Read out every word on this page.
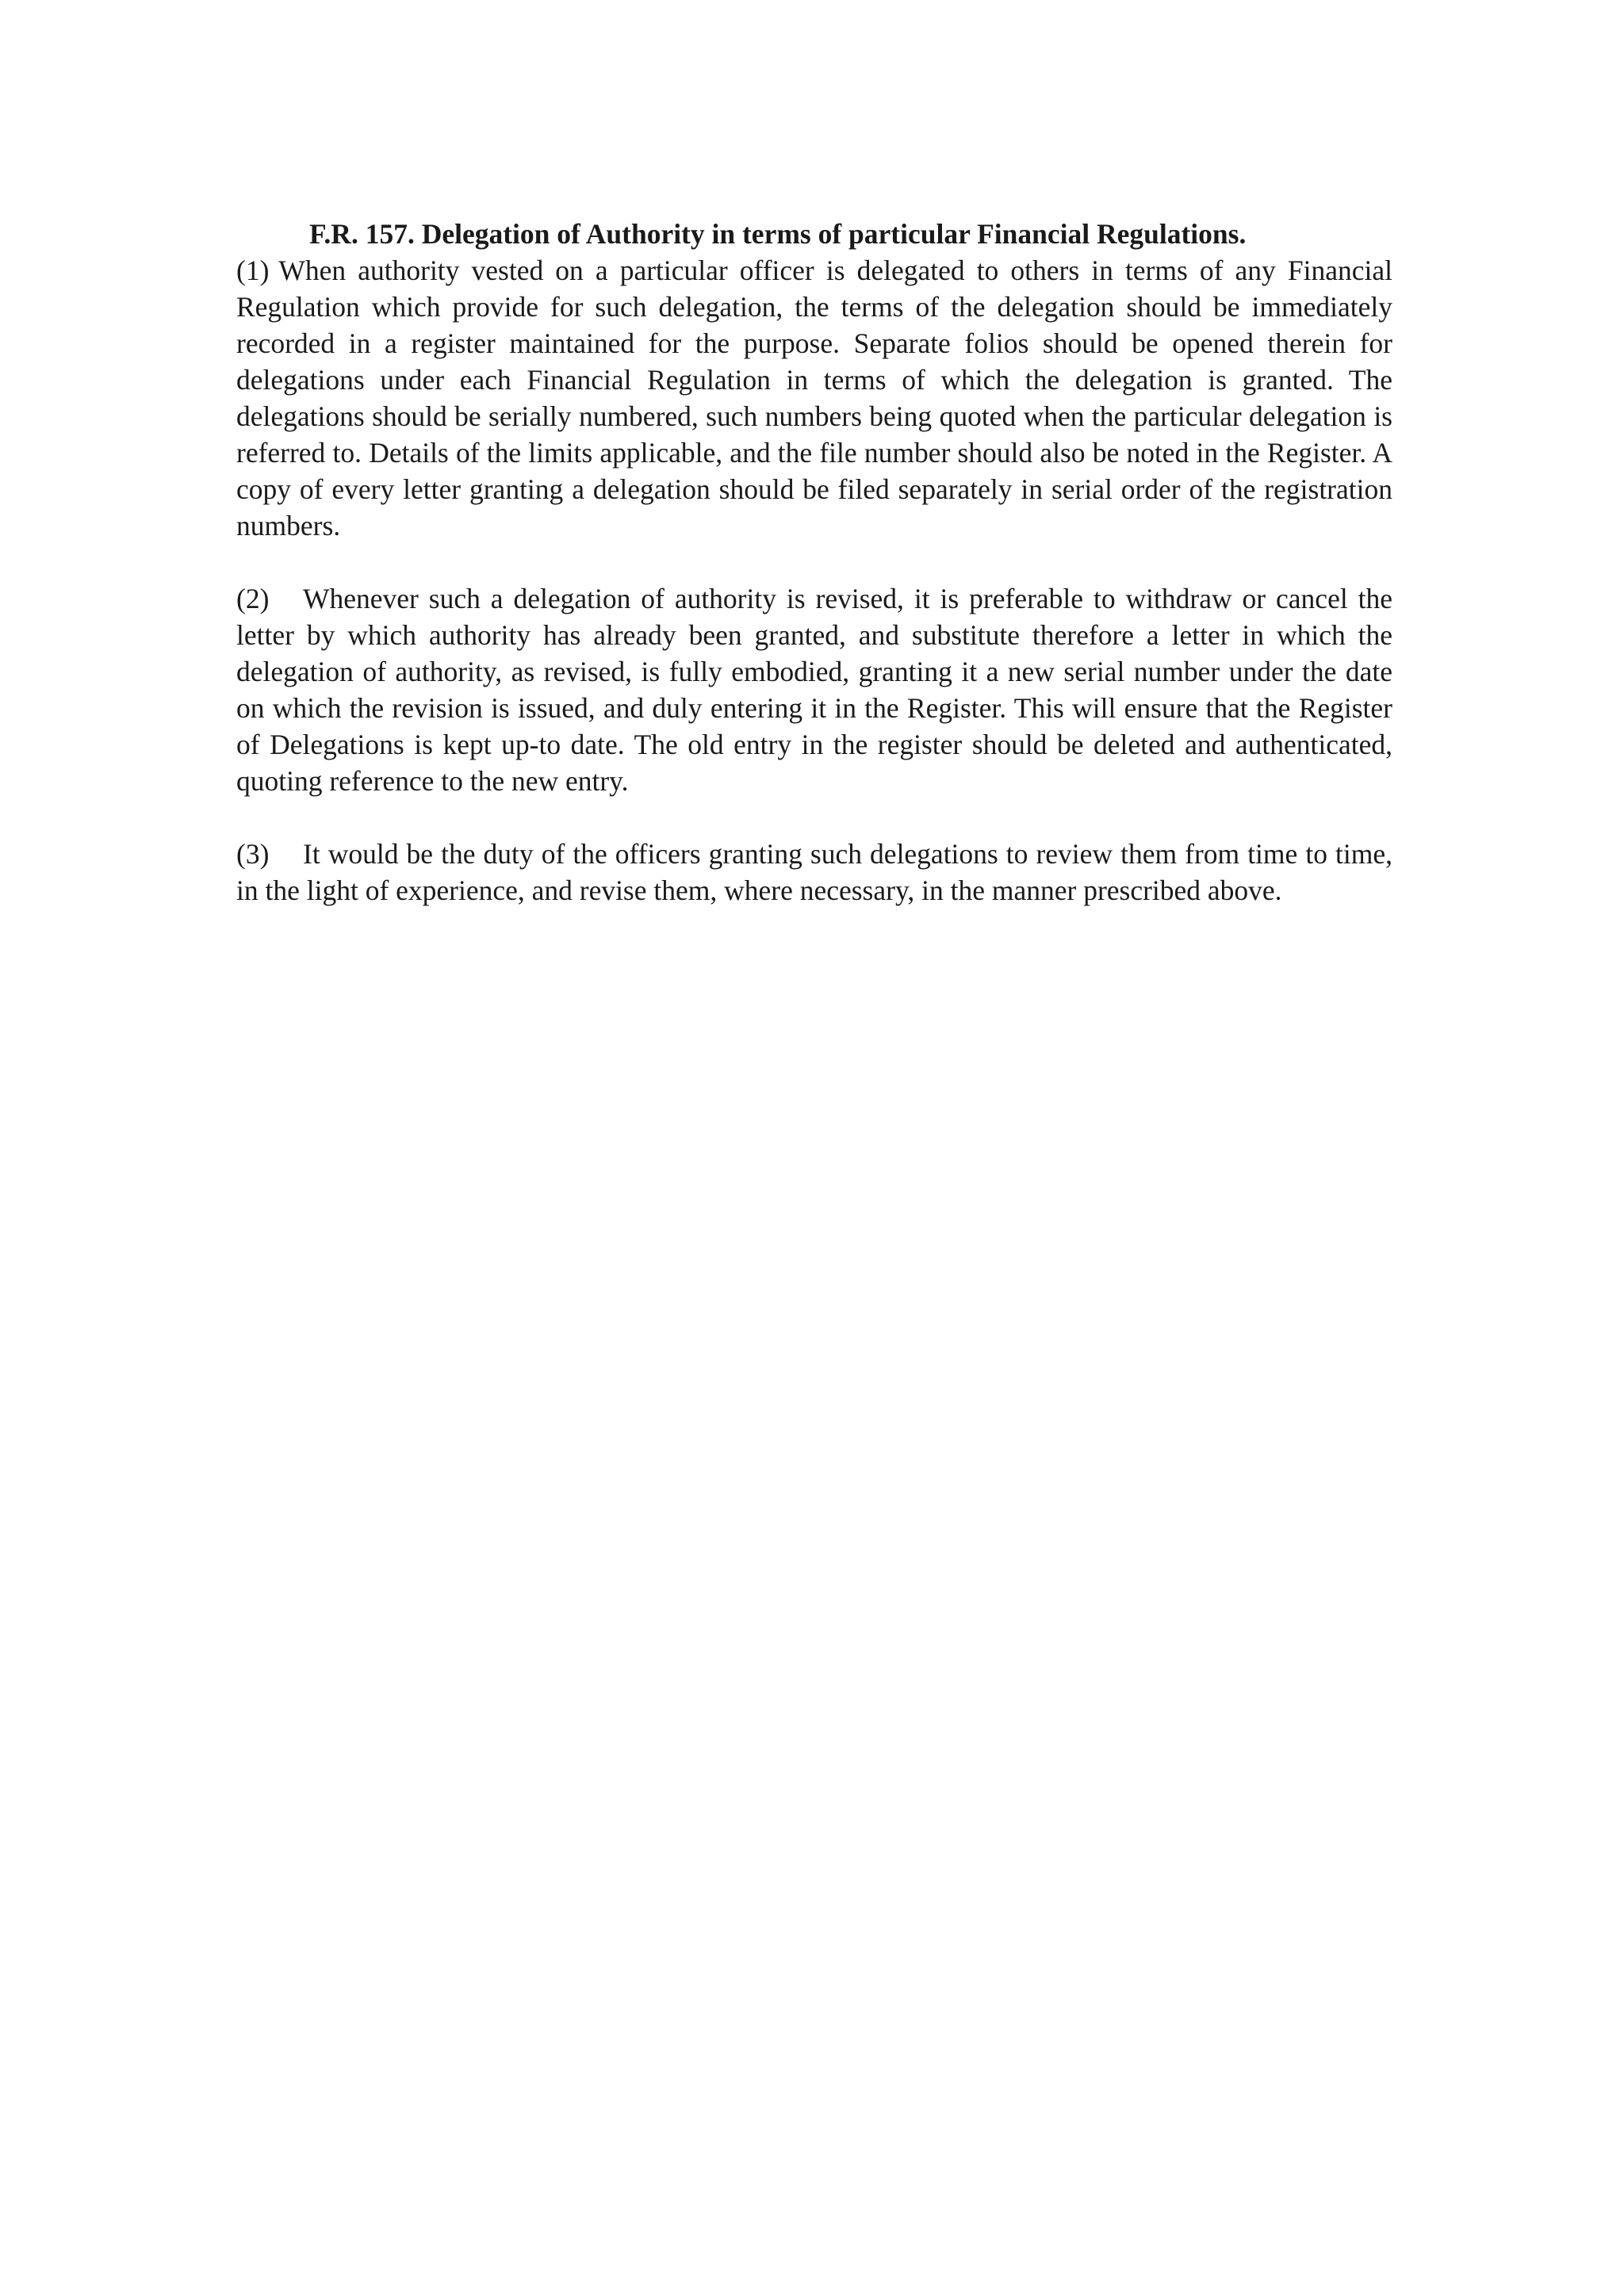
F.R. 157. Delegation of Authority in terms of particular Financial Regulations.
(1) When authority vested on a particular officer is delegated to others in terms of any Financial Regulation which provide for such delegation, the terms of the delegation should be immediately recorded in a register maintained for the purpose. Separate folios should be opened therein for delegations under each Financial Regulation in terms of which the delegation is granted. The delegations should be serially numbered, such numbers being quoted when the particular delegation is referred to. Details of the limits applicable, and the file number should also be noted in the Register. A copy of every letter granting a delegation should be filed separately in serial order of the registration numbers.

(2) Whenever such a delegation of authority is revised, it is preferable to withdraw or cancel the letter by which authority has already been granted, and substitute therefore a letter in which the delegation of authority, as revised, is fully embodied, granting it a new serial number under the date on which the revision is issued, and duly entering it in the Register. This will ensure that the Register of Delegations is kept up-to date. The old entry in the register should be deleted and authenticated, quoting reference to the new entry.

(3) It would be the duty of the officers granting such delegations to review them from time to time, in the light of experience, and revise them, where necessary, in the manner prescribed above.
